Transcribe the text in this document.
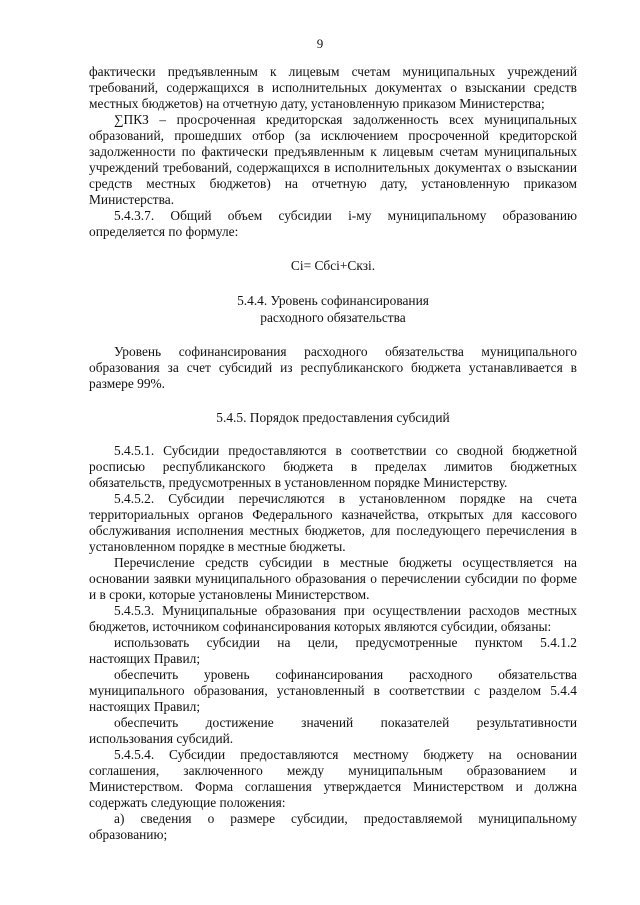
9
фактически предъявленным к лицевым счетам муниципальных учреждений
требований, содержащихся в исполнительных документах о взыскании средств
местных бюджетов) на отчетную дату, установленную приказом Министерства;
∑ПКЗ – просроченная кредиторская задолженность всех муниципальных
образований, прошедших отбор (за исключением просроченной кредиторской
задолженности по фактически предъявленным к лицевым счетам муниципальных
учреждений требований, содержащихся в исполнительных документах о взыскании
средств местных бюджетов) на отчетную дату, установленную приказом
Министерства.
5.4.3.7. Общий объем субсидии i-му муниципальному образованию
определяется по формуле:

Ci= Cбci+Cкзi.

5.4.4. Уровень софинансирования

расходного обязательства

Уровень софинансирования расходного обязательства муниципального
образования за счет субсидий из республиканского бюджета устанавливается в
размере 99%.

5.4.5. Порядок предоставления субсидий

5.4.5.1. Субсидии предоставляются в соответствии со сводной бюджетной
росписью республиканского бюджета в пределах лимитов бюджетных
обязательств, предусмотренных в установленном порядке Министерству.
5.4.5.2. Субсидии перечисляются в установленном порядке на счета
территориальных органов Федерального казначейства, открытых для кассового
обслуживания исполнения местных бюджетов, для последующего перечисления в
установленном порядке в местные бюджеты.
Перечисление средств субсидии в местные бюджеты осуществляется на
основании заявки муниципального образования о перечислении субсидии по форме
и в сроки, которые установлены Министерством.
5.4.5.3. Муниципальные образования при осуществлении расходов местных
бюджетов, источником софинансирования которых являются субсидии, обязаны:
использовать субсидии на цели, предусмотренные пунктом 5.4.1.2
настоящих Правил;
обеспечить уровень софинансирования расходного обязательства
муниципального образования, установленный в соответствии с разделом 5.4.4
настоящих Правил;
обеспечить достижение значений показателей результативности
использования субсидий.
5.4.5.4. Субсидии предоставляются местному бюджету на основании
соглашения, заключенного между муниципальным образованием и
Министерством. Форма соглашения утверждается Министерством и должна
содержать следующие положения:
а) сведения о размере субсидии, предоставляемой муниципальному
образованию;
